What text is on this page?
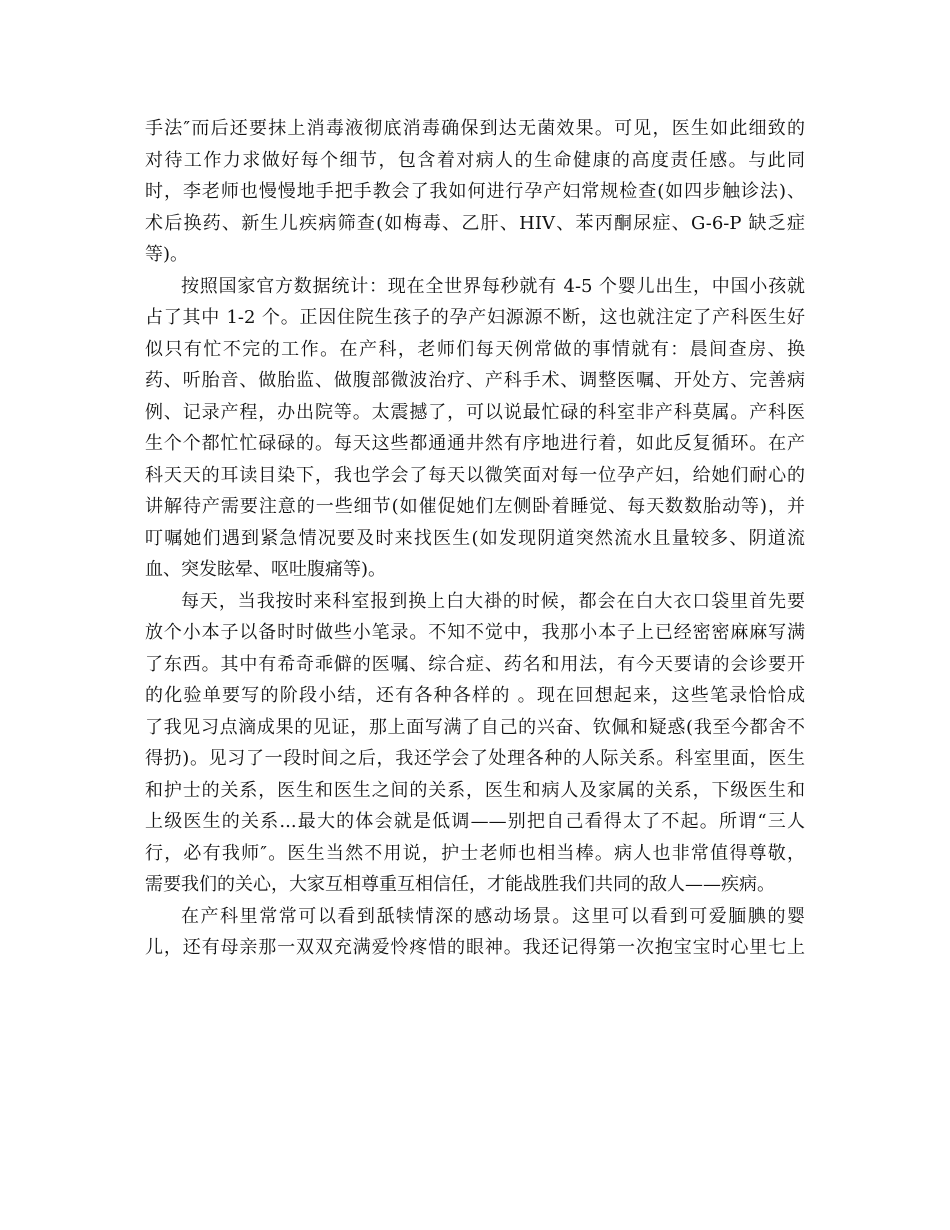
手法″而后还要抹上消毒液彻底消毒确保到达无菌效果。可见，医生如此细致的
对待工作力求做好每个细节，包含着对病人的生命健康的高度责任感。与此同
时，李老师也慢慢地手把手教会了我如何进行孕产妇常规检查(如四步触诊法)、
术后换药、新生儿疾病筛查(如梅毒、乙肝、HIV、苯丙酮尿症、G-6-P 缺乏症
等)。
按照国家官方数据统计：现在全世界每秒就有 4-5 个婴儿出生，中国小孩就
占了其中 1-2 个。正因住院生孩子的孕产妇源源不断，这也就注定了产科医生好
似只有忙不完的工作。在产科，老师们每天例常做的事情就有：晨间查房、换
药、听胎音、做胎监、做腹部微波治疗、产科手术、调整医嘱、开处方、完善病
例、记录产程，办出院等。太震撼了，可以说最忙碌的科室非产科莫属。产科医
生个个都忙忙碌碌的。每天这些都通通井然有序地进行着，如此反复循环。在产
科天天的耳读目染下，我也学会了每天以微笑面对每一位孕产妇，给她们耐心的
讲解待产需要注意的一些细节(如催促她们左侧卧着睡觉、每天数数胎动等)，并
叮嘱她们遇到紧急情况要及时来找医生(如发现阴道突然流水且量较多、阴道流
血、突发眩晕、呕吐腹痛等)。
每天，当我按时来科室报到换上白大褂的时候，都会在白大衣口袋里首先要
放个小本子以备时时做些小笔录。不知不觉中，我那小本子上已经密密麻麻写满
了东西。其中有希奇乖僻的医嘱、综合症、药名和用法，有今天要请的会诊要开
的化验单要写的阶段小结，还有各种各样的 。现在回想起来，这些笔录恰恰成
了我见习点滴成果的见证，那上面写满了自己的兴奋、钦佩和疑惑(我至今都舍不
得扔)。见习了一段时间之后，我还学会了处理各种的人际关系。科室里面，医生
和护士的关系，医生和医生之间的关系，医生和病人及家属的关系，下级医生和
上级医生的关系...最大的体会就是低调——别把自己看得太了不起。所谓“三人
行，必有我师″。医生当然不用说，护士老师也相当棒。病人也非常值得尊敬，
需要我们的关心，大家互相尊重互相信任，才能战胜我们共同的敌人——疾病。
在产科里常常可以看到舐犊情深的感动场景。这里可以看到可爱腼腆的婴
儿，还有母亲那一双双充满爱怜疼惜的眼神。我还记得第一次抱宝宝时心里七上
